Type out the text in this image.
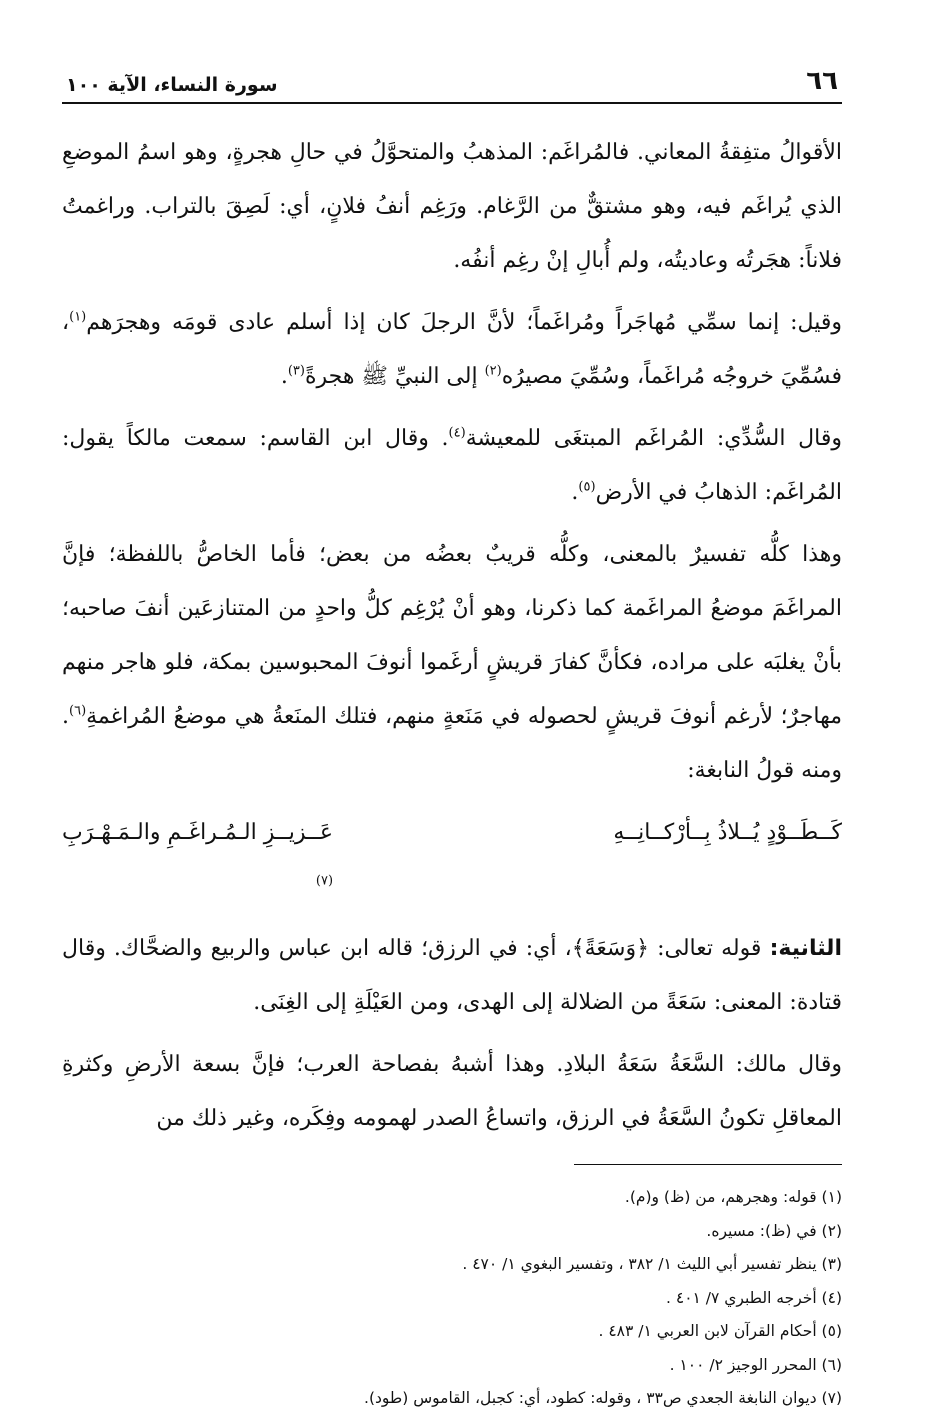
٦٦
سورة النساء، الآية ١٠٠

الأقوالُ متفِقةُ المعاني. فالمُراغَم: المذهبُ والمتحوَّلُ في حالِ هجرةٍ، وهو اسمُ الموضعِ الذي يُراغَم فيه، وهو مشتقٌّ من الرَّغام. ورَغِم أنفُ فلانٍ، أي: لَصِقَ بالتراب. وراغمتُ فلاناً: هجَرتُه وعاديتُه، ولم أُبالِ إنْ رغِم أنفُه.

وقيل: إنما سمِّي مُهاجَراً ومُراغَماً؛ لأنَّ الرجلَ كان إذا أسلم عادى قومَه وهجرَهم$^{(١)}$، فسُمِّيَ خروجُه مُراغَماً، وسُمِّيَ مصيرُه$^{(٢)}$ إلى النبيِّ ﷺ هجرةً$^{(٣)}$.

وقال السُّدِّي: المُراغَم المبتغَى للمعيشة$^{(٤)}$. وقال ابن القاسم: سمعت مالكاً يقول: المُراغَم: الذهابُ في الأرض$^{(٥)}$.

وهذا كلُّه تفسيرٌ بالمعنى، وكلُّه قريبٌ بعضُه من بعض؛ فأما الخاصُّ باللفظة؛ فإنَّ المراغَمَ موضعُ المراغَمة كما ذكرنا، وهو أنْ يُرْغِم كلُّ واحدٍ من المتنازعَين أنفَ صاحبه؛ بأنْ يغلبَه على مراده، فكأنَّ كفارَ قريشٍ أرغَموا أنوفَ المحبوسين بمكة، فلو هاجر منهم مهاجرٌ؛ لأرغم أنوفَ قريشٍ لحصوله في مَنَعةٍ منهم، فتلك المنَعةُ هي موضعُ المُراغمةِ$^{(٦)}$. ومنه قولُ النابغة:

كَــطَــوْدٍ يُــلاذُ بِــأرْكــانِــهِ
عَــزيــزِ الـمُـراغَـمِ والـمَـهْـرَبِ
$^{(٧)}$

الثانية: قوله تعالى: ﴿وَسَعَةً﴾، أي: في الرزق؛ قاله ابن عباس والربيع والضحَّاك. وقال قتادة: المعنى: سَعَةً من الضلالة إلى الهدى، ومن العَيْلَةِ إلى الغِنَى.

وقال مالك: السَّعَةُ سَعَةُ البلادِ. وهذا أشبهُ بفصاحة العرب؛ فإنَّ بسعة الأرضِ وكثرةِ المعاقلِ تكونُ السَّعَةُ في الرزق، واتساعُ الصدر لهمومه وفِكَره، وغير ذلك من

(١) قوله: وهجرهم، من (ظ) و(م).
(٢) في (ظ): مسيره.
(٣) ينظر تفسير أبي الليث ١/ ٣٨٢ ، وتفسير البغوي ١/ ٤٧٠ .
(٤) أخرجه الطبري ٧/ ٤٠١ .
(٥) أحكام القرآن لابن العربي ١/ ٤٨٣ .
(٦) المحرر الوجيز ٢/ ١٠٠ .
(٧) ديوان النابغة الجعدي ص٣٣ ، وقوله: كطود، أي: كجبل، القاموس (طود).
